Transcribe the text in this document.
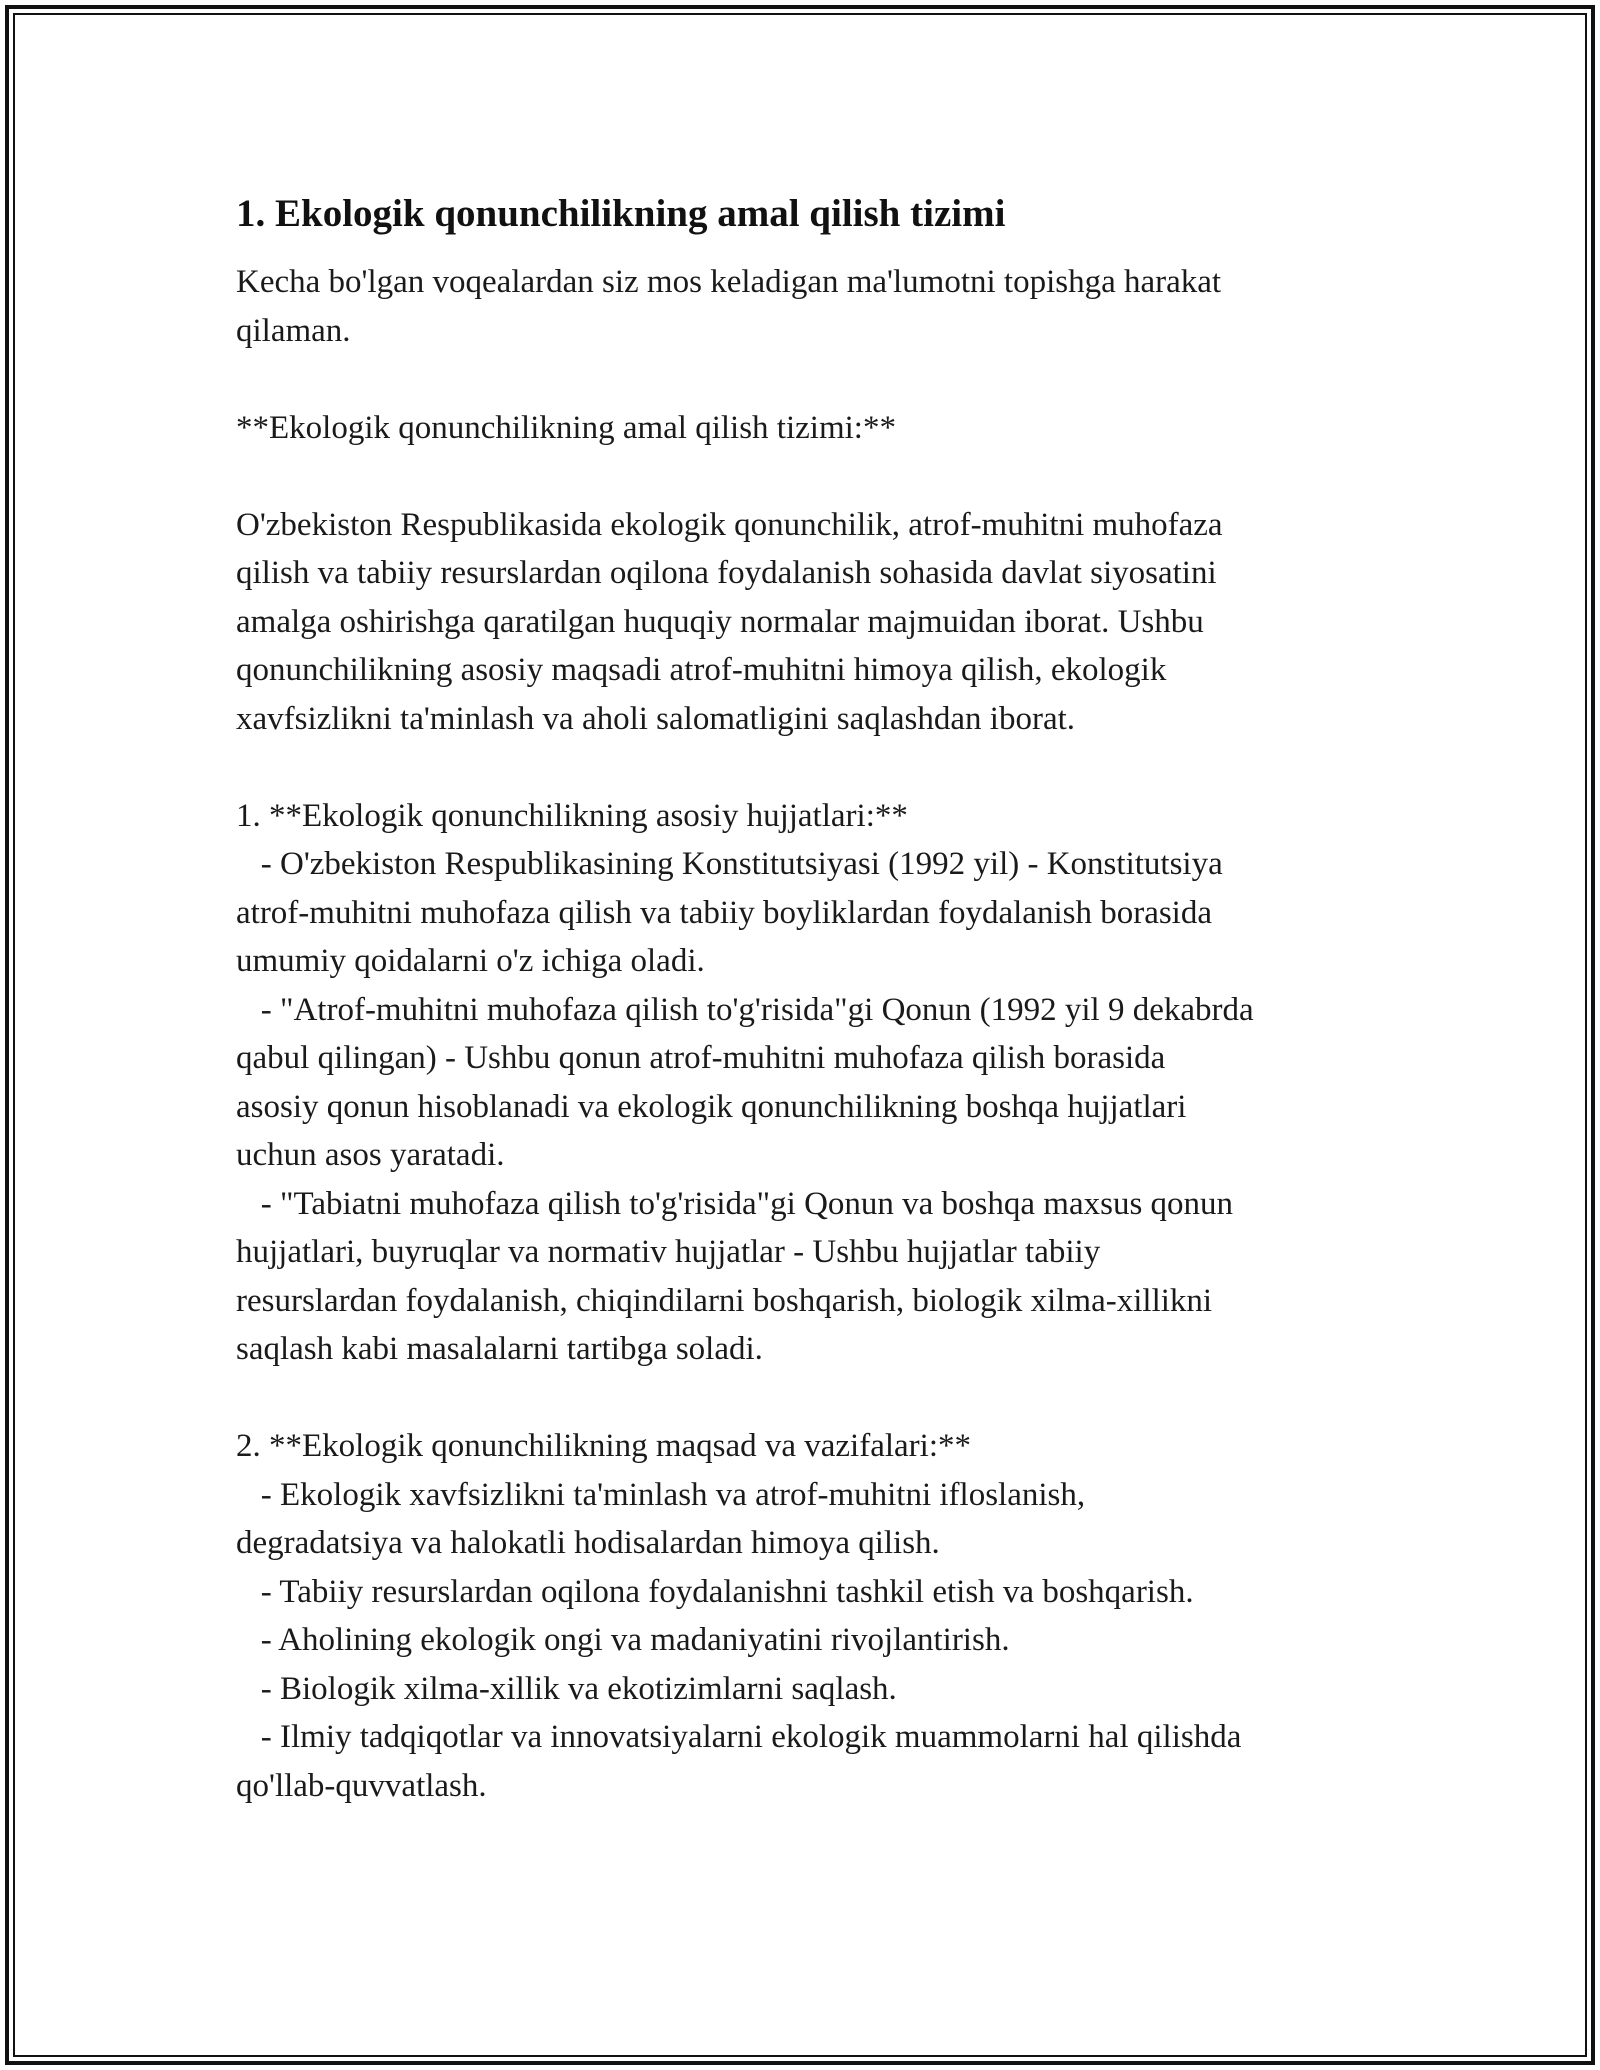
1. Ekologik qonunchilikning amal qilish tizimi

Kecha bo'lgan voqealardan siz mos keladigan ma'lumotni topishga harakat
qilaman.

**Ekologik qonunchilikning amal qilish tizimi:**

O'zbekiston Respublikasida ekologik qonunchilik, atrof-muhitni muhofaza
qilish va tabiiy resurslardan oqilona foydalanish sohasida davlat siyosatini
amalga oshirishga qaratilgan huquqiy normalar majmuidan iborat. Ushbu
qonunchilikning asosiy maqsadi atrof-muhitni himoya qilish, ekologik
xavfsizlikni ta'minlash va aholi salomatligini saqlashdan iborat.

1. **Ekologik qonunchilikning asosiy hujjatlari:**
- O'zbekiston Respublikasining Konstitutsiyasi (1992 yil) - Konstitutsiya
atrof-muhitni muhofaza qilish va tabiiy boyliklardan foydalanish borasida
umumiy qoidalarni o'z ichiga oladi.
- "Atrof-muhitni muhofaza qilish to'g'risida"gi Qonun (1992 yil 9 dekabrda
qabul qilingan) - Ushbu qonun atrof-muhitni muhofaza qilish borasida
asosiy qonun hisoblanadi va ekologik qonunchilikning boshqa hujjatlari
uchun asos yaratadi.
- "Tabiatni muhofaza qilish to'g'risida"gi Qonun va boshqa maxsus qonun
hujjatlari, buyruqlar va normativ hujjatlar - Ushbu hujjatlar tabiiy
resurslardan foydalanish, chiqindilarni boshqarish, biologik xilma-xillikni
saqlash kabi masalalarni tartibga soladi.

2. **Ekologik qonunchilikning maqsad va vazifalari:**
- Ekologik xavfsizlikni ta'minlash va atrof-muhitni ifloslanish,
degradatsiya va halokatli hodisalardan himoya qilish.
- Tabiiy resurslardan oqilona foydalanishni tashkil etish va boshqarish.
- Aholining ekologik ongi va madaniyatini rivojlantirish.
- Biologik xilma-xillik va ekotizimlarni saqlash.
- Ilmiy tadqiqotlar va innovatsiyalarni ekologik muammolarni hal qilishda
qo'llab-quvvatlash.
